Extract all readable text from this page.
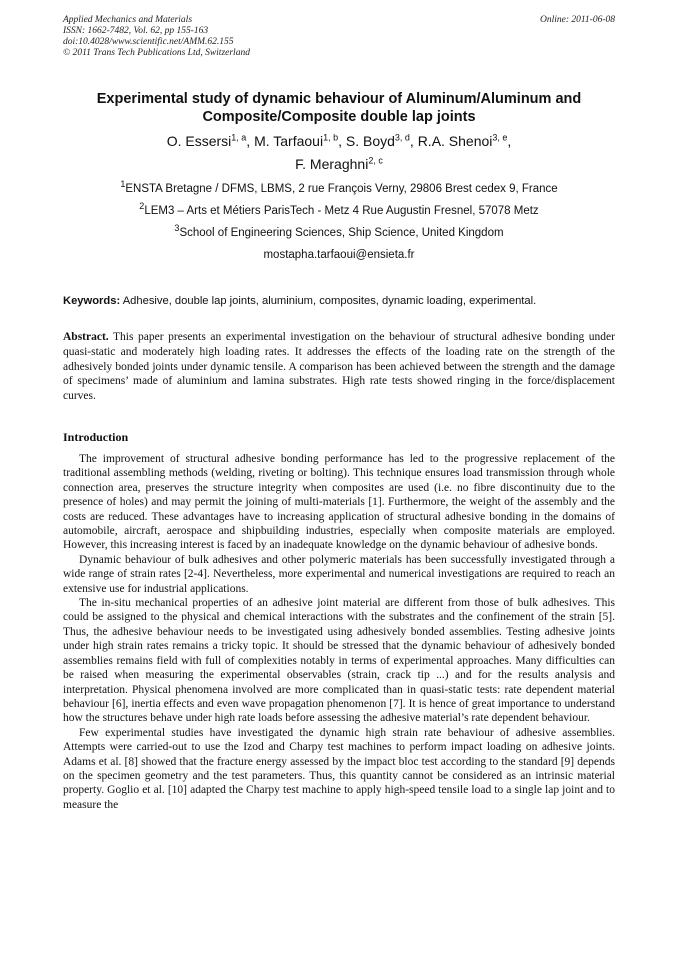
Applied Mechanics and Materials
ISSN: 1662-7482, Vol. 62, pp 155-163
doi:10.4028/www.scientific.net/AMM.62.155
© 2011 Trans Tech Publications Ltd, Switzerland
Online: 2011-06-08
Experimental study of dynamic behaviour of Aluminum/Aluminum and
Composite/Composite double lap joints
O. Essersi$^{1, a}$, M. Tarfaoui$^{1, b}$, S. Boyd$^{3, d}$, R.A. Shenoi$^{3, e}$,
F. Meraghni$^{2, c}$
$^1$ENSTA Bretagne / DFMS, LBMS, 2 rue François Verny, 29806 Brest cedex 9, France
$^2$LEM3 – Arts et Métiers ParisTech - Metz 4 Rue Augustin Fresnel, 57078 Metz
$^3$School of Engineering Sciences, Ship Science, United Kingdom
mostapha.tarfaoui@ensieta.fr
Keywords: Adhesive, double lap joints, aluminium, composites, dynamic loading, experimental.
Abstract. This paper presents an experimental investigation on the behaviour of structural adhesive bonding under quasi-static and moderately high loading rates. It addresses the effects of the loading rate on the strength of the adhesively bonded joints under dynamic tensile. A comparison has been achieved between the strength and the damage of specimens’ made of aluminium and lamina substrates. High rate tests showed ringing in the force/displacement curves.
Introduction

The improvement of structural adhesive bonding performance has led to the progressive replacement of the traditional assembling methods (welding, riveting or bolting). This technique ensures load transmission through whole connection area, preserves the structure integrity when composites are used (i.e. no fibre discontinuity due to the presence of holes) and may permit the joining of multi-materials [1]. Furthermore, the weight of the assembly and the costs are reduced. These advantages have to increasing application of structural adhesive bonding in the domains of automobile, aircraft, aerospace and shipbuilding industries, especially when composite materials are employed. However, this increasing interest is faced by an inadequate knowledge on the dynamic behaviour of adhesive bonds.

Dynamic behaviour of bulk adhesives and other polymeric materials has been successfully investigated through a wide range of strain rates [2-4]. Nevertheless, more experimental and numerical investigations are required to reach an extensive use for industrial applications.

The in-situ mechanical properties of an adhesive joint material are different from those of bulk adhesives. This could be assigned to the physical and chemical interactions with the substrates and the confinement of the strain [5]. Thus, the adhesive behaviour needs to be investigated using adhesively bonded assemblies. Testing adhesive joints under high strain rates remains a tricky topic. It should be stressed that the dynamic behaviour of adhesively bonded assemblies remains field with full of complexities notably in terms of experimental approaches. Many difficulties can be raised when measuring the experimental observables (strain, crack tip ...) and for the results analysis and interpretation. Physical phenomena involved are more complicated than in quasi-static tests: rate dependent material behaviour [6], inertia effects and even wave propagation phenomenon [7]. It is hence of great importance to understand how the structures behave under high rate loads before assessing the adhesive material’s rate dependent behaviour.

Few experimental studies have investigated the dynamic high strain rate behaviour of adhesive assemblies. Attempts were carried-out to use the Izod and Charpy test machines to perform impact loading on adhesive joints. Adams et al. [8] showed that the fracture energy assessed by the impact bloc test according to the standard [9] depends on the specimen geometry and the test parameters. Thus, this quantity cannot be considered as an intrinsic material property. Goglio et al. [10] adapted the Charpy test machine to apply high-speed tensile load to a single lap joint and to measure the
